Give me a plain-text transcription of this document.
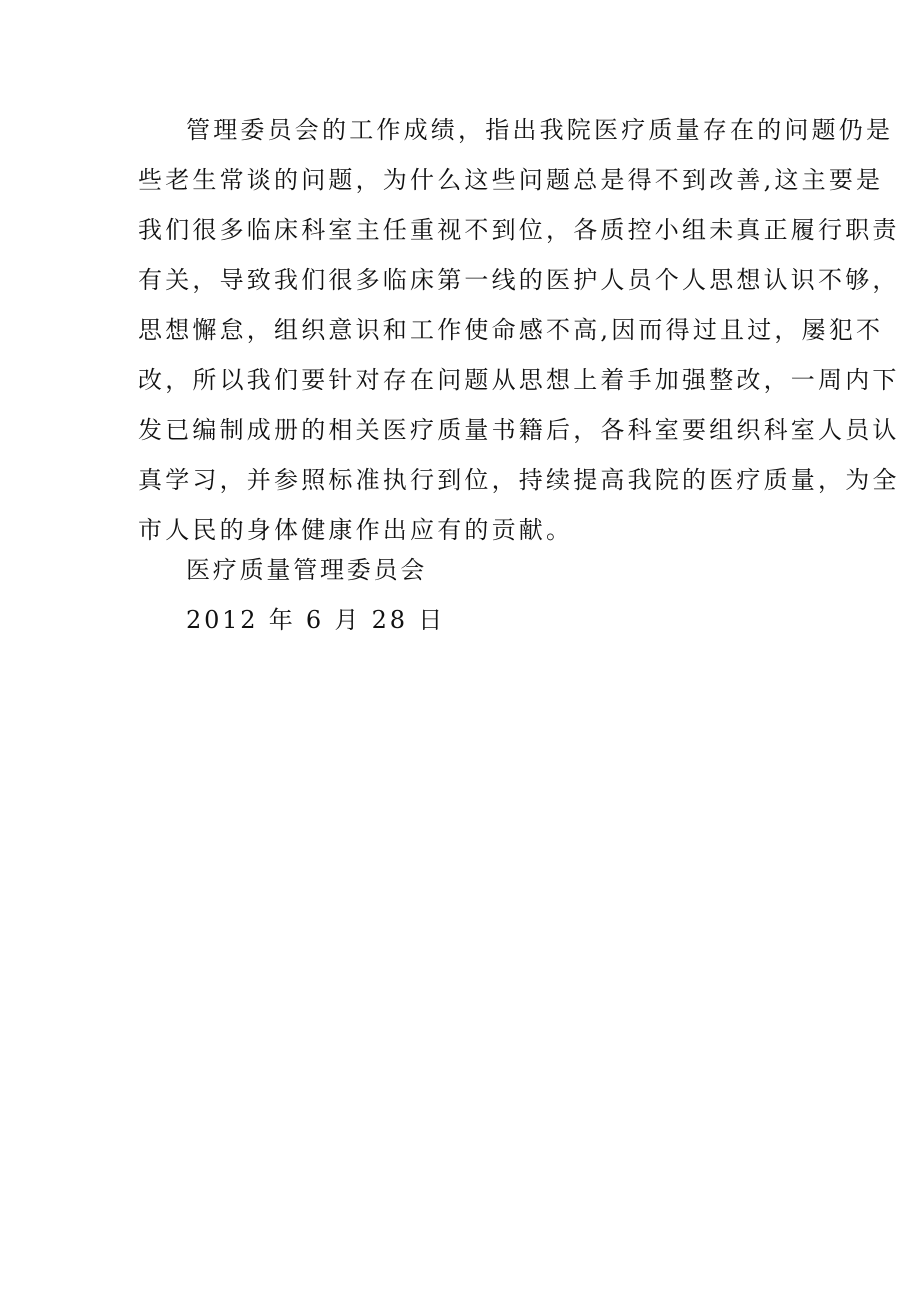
管理委员会的工作成绩，指出我院医疗质量存在的问题仍是
些老生常谈的问题，为什么这些问题总是得不到改善,这主要是
我们很多临床科室主任重视不到位，各质控小组未真正履行职责
有关，导致我们很多临床第一线的医护人员个人思想认识不够，
思想懈怠，组织意识和工作使命感不高,因而得过且过，屡犯不
改，所以我们要针对存在问题从思想上着手加强整改，一周内下
发已编制成册的相关医疗质量书籍后，各科室要组织科室人员认
真学习，并参照标准执行到位，持续提高我院的医疗质量，为全
市人民的身体健康作出应有的贡献。
医疗质量管理委员会
2012 年 6 月 28 日
